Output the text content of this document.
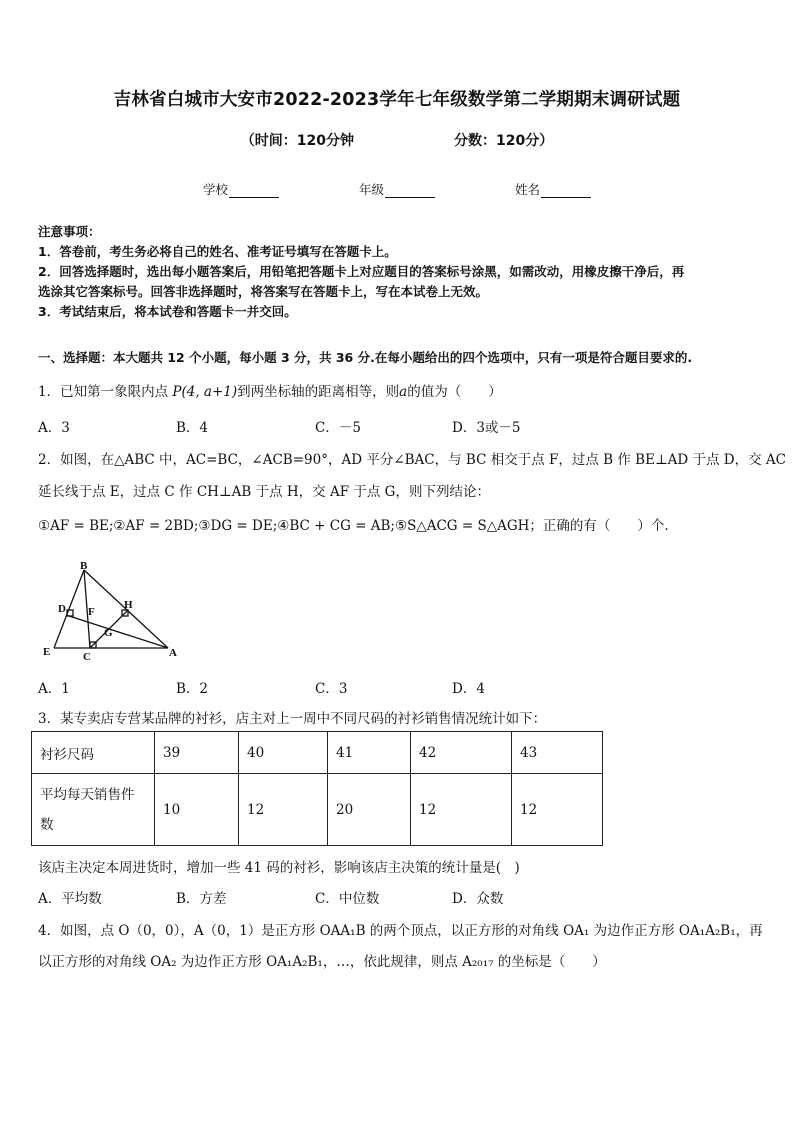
吉林省白城市大安市2022-2023学年七年级数学第二学期期末调研试题
（时间：120分钟	分数：120分）
学校	年级	姓名

注意事项：

1．答卷前，考生务必将自己的姓名、准考证号填写在答题卡上。

2．回答选择题时，选出每小题答案后，用铅笔把答题卡上对应题目的答案标号涂黑，如需改动，用橡皮擦干净后，再

选涂其它答案标号。回答非选择题时，将答案写在答题卡上，写在本试卷上无效。

3．考试结束后，将本试卷和答题卡一并交回。

一、选择题：本大题共 12 个小题，每小题 3 分，共 36 分.在每小题给出的四个选项中，只有一项是符合题目要求的.
1．已知第一象限内点 P(4, a+1)到两坐标轴的距离相等，则a的值为（　　）
A．3	B．4	C．－5	D．3或－5
2．如图，在△ABC 中，AC=BC，∠ACB=90°，AD 平分∠BAC，与 BC 相交于点 F，过点 B 作 BE⊥AD 于点 D，交 AC
延长线于点 E，过点 C 作 CH⊥AB 于点 H，交 AF 于点 G，则下列结论：
①AF = BE;②AF = 2BD;③DG = DE;④BC + CG = AB;⑤S△ACG = S△AGH；正确的有（　　）个.
B
D F
H
G
E	C	A
A．1	B．2	C．3	D．4
3．某专卖店专营某品牌的衬衫，店主对上一周中不同尺码的衬衫销售情况统计如下：
衬衫尺码	39	40	41	42	43
平均每天销售件
数	10	12	20	12	12
该店主决定本周进货时，增加一些 41 码的衬衫，影响该店主决策的统计量是(　)
A．平均数	B．方差	C．中位数	D．众数
4．如图，点 O（0，0），A（0，1）是正方形 OAA₁B 的两个顶点，以正方形的对角线 OA₁ 为边作正方形 OA₁A₂B₁，再
以正方形的对角线 OA₂ 为边作正方形 OA₁A₂B₁，…，依此规律，则点 A₂₀₁₇ 的坐标是（　　）
